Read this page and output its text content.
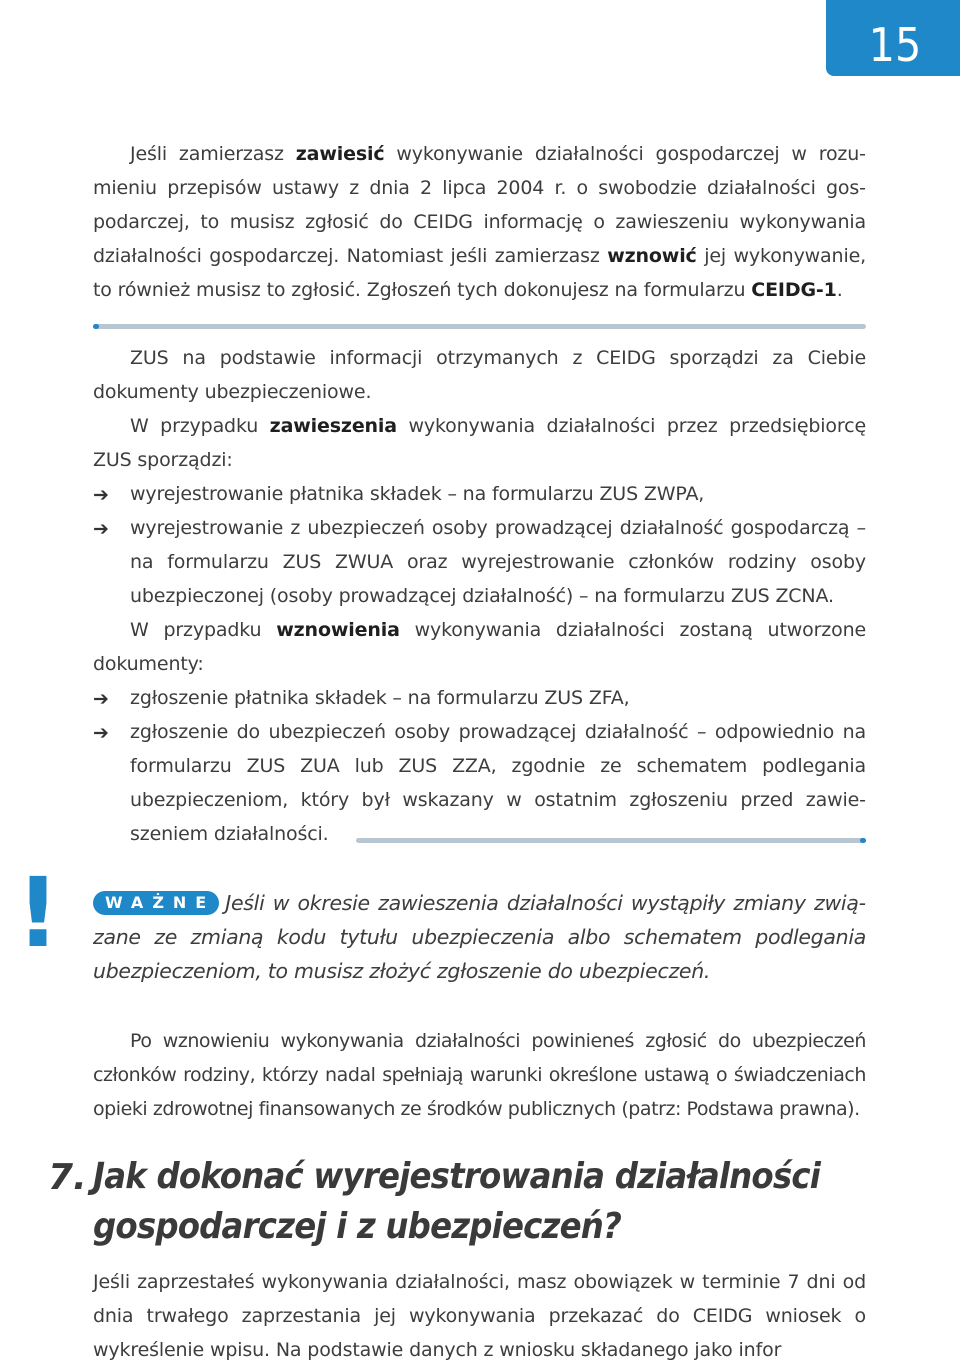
15

Jeśli zamierzasz zawiesić wykonywanie działalności gospodarczej w rozumieniu przepisów ustawy z dnia 2 lipca 2004 r. o swobodzie działalności gospodarczej, to musisz zgłosić do CEIDG informację o zawieszeniu wykonywania działalności gospodarczej. Natomiast jeśli zamierzasz wznowić jej wykonywanie, to również musisz to zgłosić. Zgłoszeń tych dokonujesz na formularzu CEIDG-1.

ZUS na podstawie informacji otrzymanych z CEIDG sporządzi za Ciebie dokumenty ubezpieczeniowe.

W przypadku zawieszenia wykonywania działalności przez przedsiębiorcę ZUS sporządzi:

➔ wyrejestrowanie płatnika składek – na formularzu ZUS ZWPA,
➔ wyrejestrowanie z ubezpieczeń osoby prowadzącej działalność gospodarczą – na formularzu ZUS ZWUA oraz wyrejestrowanie członków rodziny osoby ubezpieczonej (osoby prowadzącej działalność) – na formularzu ZUS ZCNA.

W przypadku wznowienia wykonywania działalności zostaną utworzone dokumenty:

➔ zgłoszenie płatnika składek – na formularzu ZUS ZFA,
➔ zgłoszenie do ubezpieczeń osoby prowadzącej działalność – odpowiednio na formularzu ZUS ZUA lub ZUS ZZA, zgodnie ze schematem podlegania ubezpieczeniom, który był wskazany w ostatnim zgłoszeniu przed zawieszeniem działalności.
!	WAŻNE Jeśli w okresie zawieszenia działalności wystąpiły zmiany związane ze zmianą kodu tytułu ubezpieczenia albo schematem podlegania ubezpieczeniom, to musisz złożyć zgłoszenie do ubezpieczeń.

Po wznowieniu wykonywania działalności powinieneś zgłosić do ubezpieczeń członków rodziny, którzy nadal spełniają warunki określone ustawą o świadczeniach opieki zdrowotnej finansowanych ze środków publicznych (patrz: Podstawa prawna).

7. Jak dokonać wyrejestrowania działalności gospodarczej i z ubezpieczeń?

Jeśli zaprzestałeś wykonywania działalności, masz obowiązek w terminie 7 dni od dnia trwałego zaprzestania jej wykonywania przekazać do CEIDG wniosek o wykreślenie wpisu. Na podstawie danych z wniosku składanego jako infor
